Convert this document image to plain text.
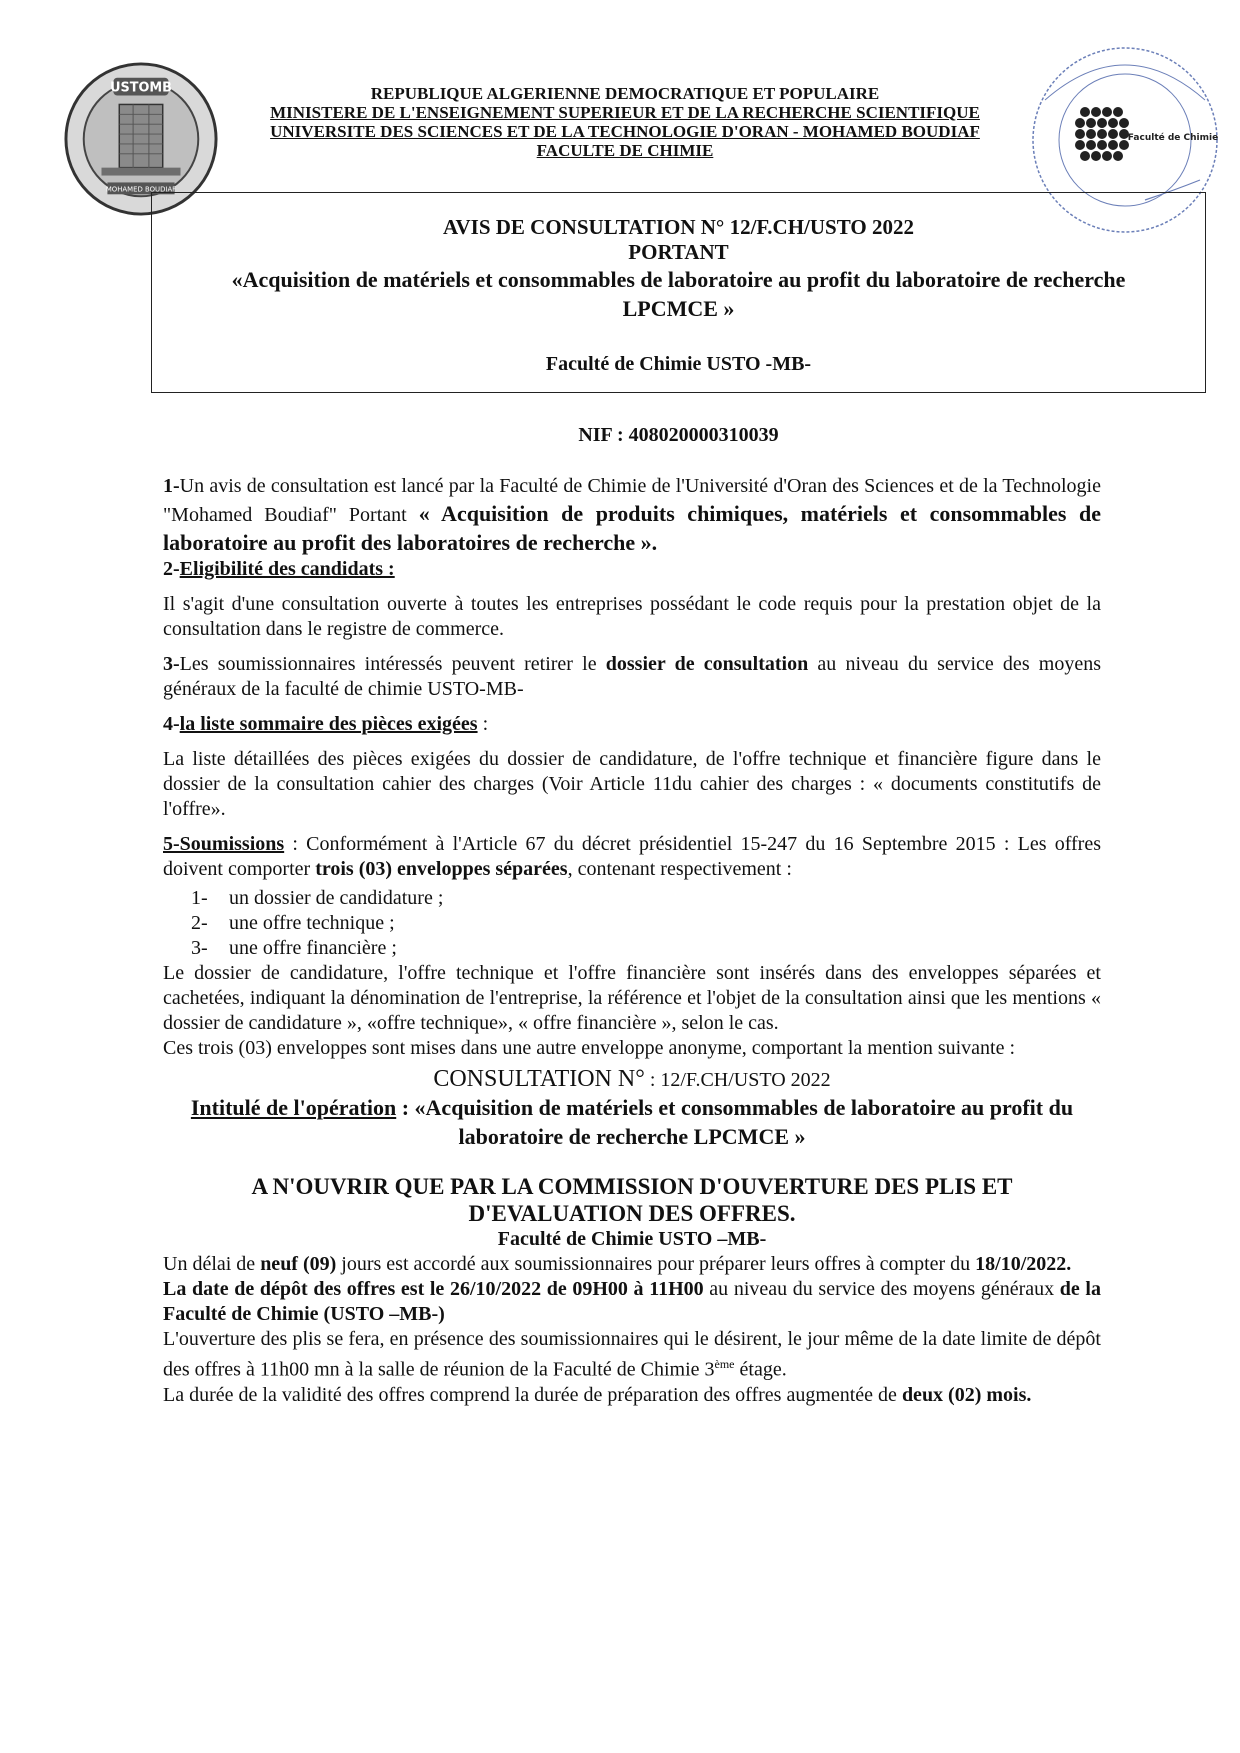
USTOMB
MOHAMED BOUDIAF
Faculté de Chimie
REPUBLIQUE ALGERIENNE DEMOCRATIQUE ET POPULAIRE
MINISTERE DE L'ENSEIGNEMENT SUPERIEUR ET DE LA RECHERCHE SCIENTIFIQUE
UNIVERSITE DES SCIENCES ET DE LA TECHNOLOGIE D'ORAN - MOHAMED BOUDIAF
FACULTE DE CHIMIE
AVIS DE CONSULTATION N° 12/F.CH/USTO 2022
PORTANT
«Acquisition de matériels et consommables de laboratoire au profit du laboratoire de recherche LPCMCE »
Faculté de Chimie USTO -MB-
NIF : 408020000310039

1-Un avis de consultation est lancé par la Faculté de Chimie de l'Université d'Oran des Sciences et de la Technologie "Mohamed Boudiaf" Portant « Acquisition de produits chimiques, matériels et consommables de laboratoire au profit des laboratoires de recherche ».

2-Eligibilité des candidats :

Il s'agit d'une consultation ouverte à toutes les entreprises possédant le code requis pour la prestation objet de la consultation dans le registre de commerce.

3-Les soumissionnaires intéressés peuvent retirer le dossier de consultation au niveau du service des moyens généraux de la faculté de chimie USTO-MB-

4-la liste sommaire des pièces exigées :

La liste détaillées des pièces exigées du dossier de candidature, de l'offre technique et financière figure dans le dossier de la consultation cahier des charges (Voir Article 11du cahier des charges : « documents constitutifs de l'offre».

5-Soumissions : Conformément à l'Article 67 du décret présidentiel 15-247 du 16 Septembre 2015 : Les offres doivent comporter trois (03) enveloppes séparées, contenant respectivement :

1- un dossier de candidature ;
2- une offre technique ;
3- une offre financière ;

Le dossier de candidature, l'offre technique et l'offre financière sont insérés dans des enveloppes séparées et cachetées, indiquant la dénomination de l'entreprise, la référence et l'objet de la consultation ainsi que les mentions « dossier de candidature », «offre technique», « offre financière », selon le cas.

Ces trois (03) enveloppes sont mises dans une autre enveloppe anonyme, comportant la mention suivante :

CONSULTATION N° : 12/F.CH/USTO 2022
Intitulé de l'opération : «Acquisition de matériels et consommables de laboratoire au profit du laboratoire de recherche LPCMCE »
A N'OUVRIR QUE PAR LA COMMISSION D'OUVERTURE DES PLIS ET D'EVALUATION DES OFFRES.
Faculté de Chimie USTO –MB-

Un délai de neuf (09) jours est accordé aux soumissionnaires pour préparer leurs offres à compter du 18/10/2022.

La date de dépôt des offres est le 26/10/2022 de 09H00 à 11H00 au niveau du service des moyens généraux de la Faculté de Chimie (USTO –MB-)

L'ouverture des plis se fera, en présence des soumissionnaires qui le désirent, le jour même de la date limite de dépôt des offres à 11h00 mn à la salle de réunion de la Faculté de Chimie 3ème étage.

La durée de la validité des offres comprend la durée de préparation des offres augmentée de deux (02) mois.
